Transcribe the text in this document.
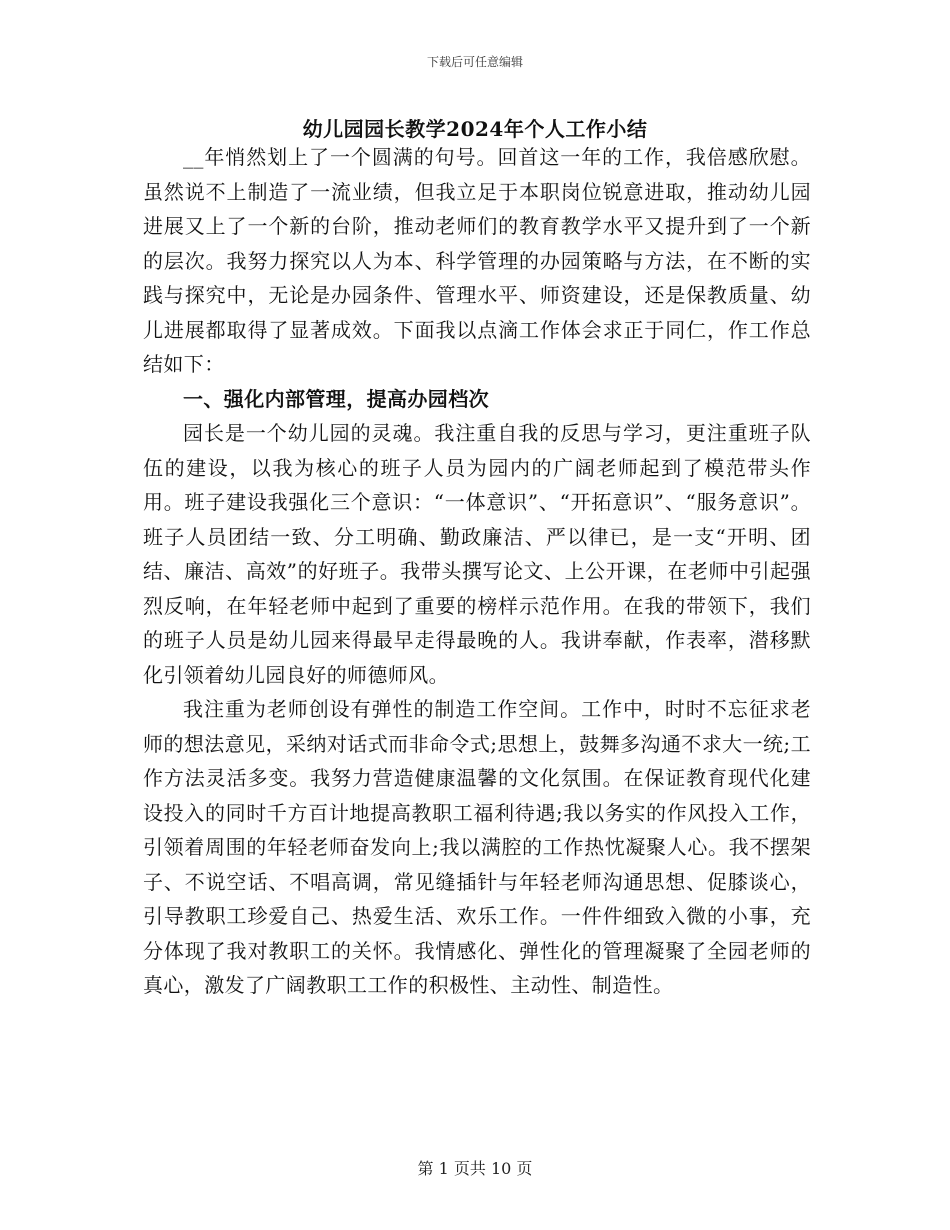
下载后可任意编辑
幼儿园园长教学2024年个人工作小结

__年悄然划上了一个圆满的句号。回首这一年的工作，我倍感欣慰。虽然说不上制造了一流业绩，但我立足于本职岗位锐意进取，推动幼儿园进展又上了一个新的台阶，推动老师们的教育教学水平又提升到了一个新的层次。我努力探究以人为本、科学管理的办园策略与方法，在不断的实践与探究中，无论是办园条件、管理水平、师资建设，还是保教质量、幼儿进展都取得了显著成效。下面我以点滴工作体会求正于同仁，作工作总结如下：

一、强化内部管理，提高办园档次

园长是一个幼儿园的灵魂。我注重自我的反思与学习，更注重班子队伍的建设，以我为核心的班子人员为园内的广阔老师起到了模范带头作用。班子建设我强化三个意识：“一体意识”、“开拓意识”、“服务意识”。班子人员团结一致、分工明确、勤政廉洁、严以律已，是一支“开明、团结、廉洁、高效”的好班子。我带头撰写论文、上公开课，在老师中引起强烈反响，在年轻老师中起到了重要的榜样示范作用。在我的带领下，我们的班子人员是幼儿园来得最早走得最晚的人。我讲奉献，作表率，潜移默化引领着幼儿园良好的师德师风。

我注重为老师创设有弹性的制造工作空间。工作中，时时不忘征求老师的想法意见，采纳对话式而非命令式;思想上，鼓舞多沟通不求大一统;工作方法灵活多变。我努力营造健康温馨的文化氛围。在保证教育现代化建设投入的同时千方百计地提高教职工福利待遇;我以务实的作风投入工作，引领着周围的年轻老师奋发向上;我以满腔的工作热忱凝聚人心。我不摆架子、不说空话、不唱高调，常见缝插针与年轻老师沟通思想、促膝谈心，引导教职工珍爱自己、热爱生活、欢乐工作。一件件细致入微的小事，充分体现了我对教职工的关怀。我情感化、弹性化的管理凝聚了全园老师的真心，激发了广阔教职工工作的积极性、主动性、制造性。

第 1 页共 10 页
